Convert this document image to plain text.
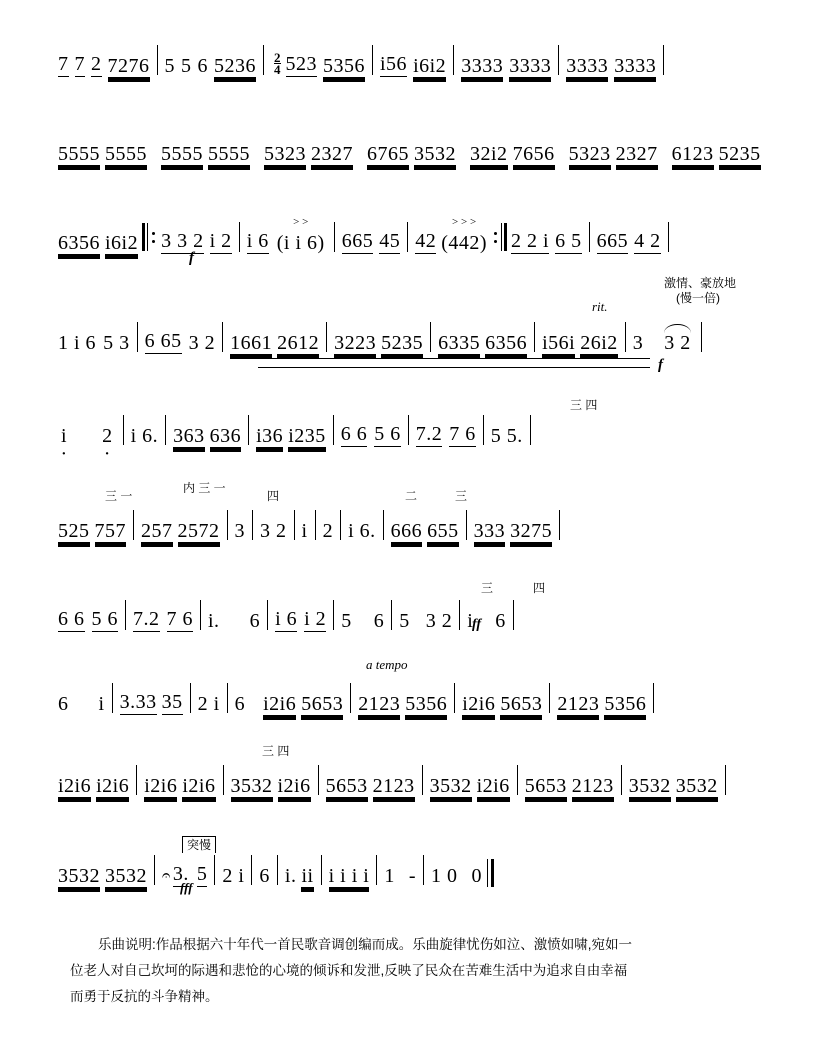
7 7 2 7276 5 5 6 5236 2
4 523 5356 i56 i6i2 3333 3333 3333 3333
5555 5555 5555 5555 5323 2327 6765 3532 32i2 7656 5323 2327 6123 5235
6356 i6i2 3 3 2 i 2 i 6
> >
(i i 6) 665 45 42
> > >
(442) 2 2 i 6 5 665 4 2
f
激情、豪放地
(慢一倍)
rit.
f
1 i 6 5 3 6 65 3 2 1661 2612 3223 5235 6335 6356 i56i 26i2 3 3 2
i · 2 · i 6. 363 636 i36 i235 6 6 5 6 7.2 7 6 5 5.
三 四
525 757 257 2572 3 3 2 i 2 i 6. 666 655 333 3275
三 一
内 三 一
四	二	三
6 6 5 6 7.2 7 6 i. 6 i 6 i 2 5 6 5 3 2 i 6
三	四
ff
a tempo
6 i 3.33 35 2 i 6 i2i6 5653 2123 5356 i2i6 5653 2123 5356
i2i6 i2i6 i2i6 i2i6 3532 i2i6 5653 2123 3532 i2i6 5653 2123 3532 3532
三 四
突慢
3532 3532 𝄐 3. 5 2 i 6 i. ii i i i i 1 - 1 0 0
fff

乐曲说明:作品根据六十年代一首民歌音调创编而成。乐曲旋律忧伤如泣、激愤如啸,宛如一

位老人对自己坎坷的际遇和悲怆的心境的倾诉和发泄,反映了民众在苦难生活中为追求自由幸福

而勇于反抗的斗争精神。
